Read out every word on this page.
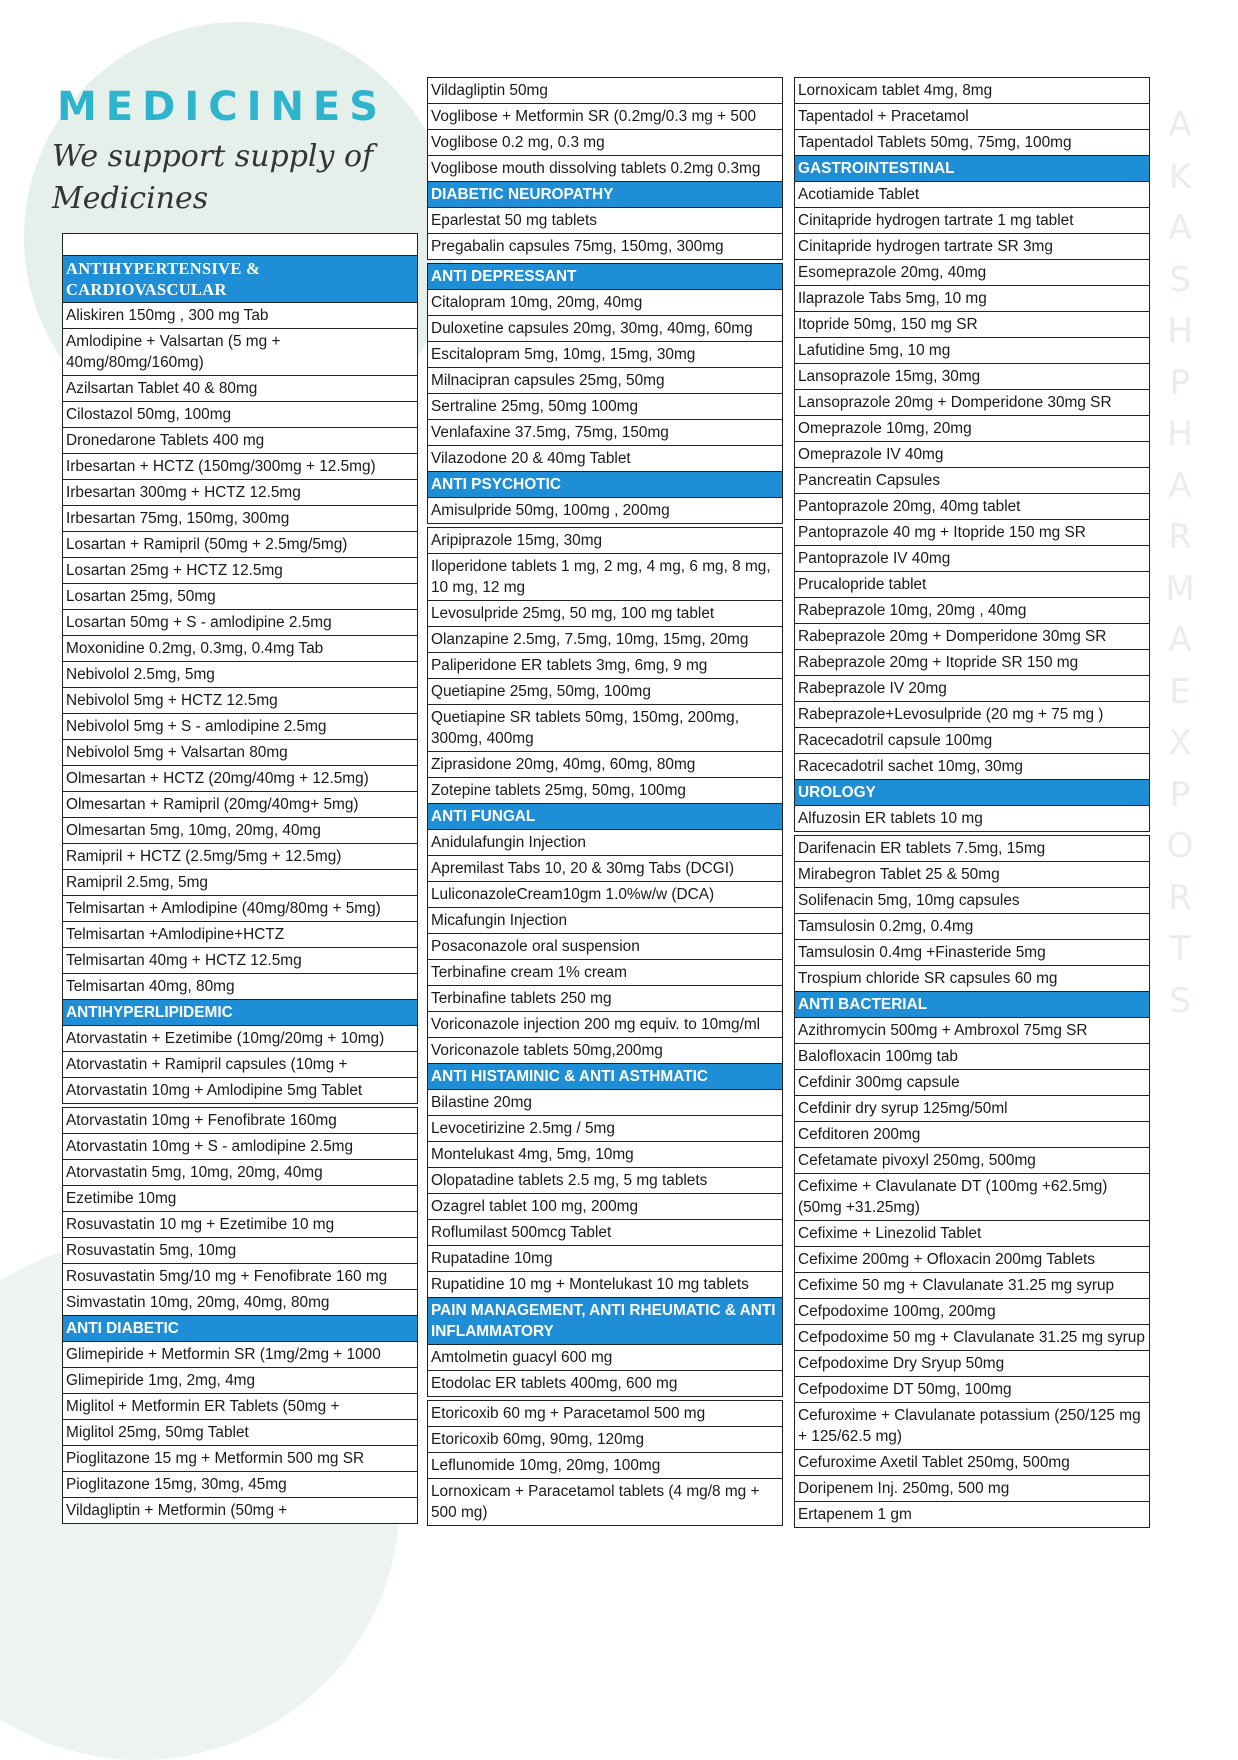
MEDICINES
We support supply of Medicines
A
K
A
S
H
P
H
A
R
M
A
E
X
P
O
R
T
S
ANTIHYPERTENSIVE & CARDIOVASCULAR
Aliskiren 150mg , 300 mg Tab
Amlodipine + Valsartan (5 mg + 40mg/80mg/160mg)
Azilsartan Tablet 40 & 80mg
Cilostazol 50mg, 100mg
Dronedarone Tablets 400 mg
Irbesartan + HCTZ (150mg/300mg + 12.5mg)
Irbesartan 300mg + HCTZ 12.5mg
Irbesartan 75mg, 150mg, 300mg
Losartan + Ramipril (50mg + 2.5mg/5mg)
Losartan 25mg + HCTZ 12.5mg
Losartan 25mg, 50mg
Losartan 50mg + S - amlodipine 2.5mg
Moxonidine 0.2mg, 0.3mg, 0.4mg Tab
Nebivolol 2.5mg, 5mg
Nebivolol 5mg + HCTZ 12.5mg
Nebivolol 5mg + S - amlodipine 2.5mg
Nebivolol 5mg + Valsartan 80mg
Olmesartan + HCTZ (20mg/40mg + 12.5mg)
Olmesartan + Ramipril (20mg/40mg+ 5mg)
Olmesartan 5mg, 10mg, 20mg, 40mg
Ramipril + HCTZ (2.5mg/5mg + 12.5mg)
Ramipril 2.5mg, 5mg
Telmisartan + Amlodipine (40mg/80mg + 5mg)
Telmisartan +Amlodipine+HCTZ
Telmisartan 40mg + HCTZ 12.5mg
Telmisartan 40mg, 80mg
ANTIHYPERLIPIDEMIC
Atorvastatin + Ezetimibe (10mg/20mg + 10mg)
Atorvastatin + Ramipril capsules (10mg +
Atorvastatin 10mg + Amlodipine 5mg Tablet
Atorvastatin 10mg + Fenofibrate 160mg
Atorvastatin 10mg + S - amlodipine 2.5mg
Atorvastatin 5mg, 10mg, 20mg, 40mg
Ezetimibe 10mg
Rosuvastatin 10 mg + Ezetimibe 10 mg
Rosuvastatin 5mg, 10mg
Rosuvastatin 5mg/10 mg + Fenofibrate 160 mg
Simvastatin 10mg, 20mg, 40mg, 80mg
ANTI DIABETIC
Glimepiride + Metformin SR (1mg/2mg + 1000
Glimepiride 1mg, 2mg, 4mg
Miglitol + Metformin ER Tablets (50mg +
Miglitol 25mg, 50mg Tablet
Pioglitazone 15 mg + Metformin 500 mg SR
Pioglitazone 15mg, 30mg, 45mg
Vildagliptin + Metformin (50mg +
Vildagliptin 50mg
Voglibose + Metformin SR (0.2mg/0.3 mg + 500
Voglibose 0.2 mg, 0.3 mg
Voglibose mouth dissolving tablets 0.2mg 0.3mg
DIABETIC NEUROPATHY
Eparlestat 50 mg tablets
Pregabalin capsules 75mg, 150mg, 300mg
ANTI DEPRESSANT
Citalopram 10mg, 20mg, 40mg
Duloxetine capsules 20mg, 30mg, 40mg, 60mg
Escitalopram 5mg, 10mg, 15mg, 30mg
Milnacipran capsules 25mg, 50mg
Sertraline 25mg, 50mg 100mg
Venlafaxine 37.5mg, 75mg, 150mg
Vilazodone 20 & 40mg Tablet
ANTI PSYCHOTIC
Amisulpride 50mg, 100mg , 200mg
Aripiprazole 15mg, 30mg
Iloperidone tablets 1 mg, 2 mg, 4 mg, 6 mg, 8 mg, 10 mg, 12 mg
Levosulpride 25mg, 50 mg, 100 mg tablet
Olanzapine 2.5mg, 7.5mg, 10mg, 15mg, 20mg
Paliperidone ER tablets 3mg, 6mg, 9 mg
Quetiapine 25mg, 50mg, 100mg
Quetiapine SR tablets 50mg, 150mg, 200mg, 300mg, 400mg
Ziprasidone 20mg, 40mg, 60mg, 80mg
Zotepine tablets 25mg, 50mg, 100mg
ANTI FUNGAL
Anidulafungin Injection
Apremilast Tabs 10, 20 & 30mg Tabs (DCGI)
LuliconazoleCream10gm 1.0%w/w (DCA)
Micafungin Injection
Posaconazole oral suspension
Terbinafine cream 1% cream
Terbinafine tablets 250 mg
Voriconazole injection 200 mg equiv. to 10mg/ml
Voriconazole tablets 50mg,200mg
ANTI HISTAMINIC & ANTI ASTHMATIC
Bilastine 20mg
Levocetirizine 2.5mg / 5mg
Montelukast 4mg, 5mg, 10mg
Olopatadine tablets 2.5 mg, 5 mg tablets
Ozagrel tablet 100 mg, 200mg
Roflumilast 500mcg Tablet
Rupatadine 10mg
Rupatidine 10 mg + Montelukast 10 mg tablets
PAIN MANAGEMENT, ANTI RHEUMATIC & ANTI INFLAMMATORY
Amtolmetin guacyl 600 mg
Etodolac ER tablets 400mg, 600 mg
Etoricoxib 60 mg + Paracetamol 500 mg
Etoricoxib 60mg, 90mg, 120mg
Leflunomide 10mg, 20mg, 100mg
Lornoxicam + Paracetamol tablets (4 mg/8 mg + 500 mg)
Lornoxicam tablet 4mg, 8mg
Tapentadol + Pracetamol
Tapentadol Tablets 50mg, 75mg, 100mg
GASTROINTESTINAL
Acotiamide Tablet
Cinitapride hydrogen tartrate 1 mg tablet
Cinitapride hydrogen tartrate SR 3mg
Esomeprazole 20mg, 40mg
Ilaprazole Tabs 5mg, 10 mg
Itopride 50mg, 150 mg SR
Lafutidine 5mg, 10 mg
Lansoprazole 15mg, 30mg
Lansoprazole 20mg + Domperidone 30mg SR
Omeprazole 10mg, 20mg
Omeprazole IV 40mg
Pancreatin Capsules
Pantoprazole 20mg, 40mg tablet
Pantoprazole 40 mg + Itopride 150 mg SR
Pantoprazole IV 40mg
Prucalopride tablet
Rabeprazole 10mg, 20mg , 40mg
Rabeprazole 20mg + Domperidone 30mg SR
Rabeprazole 20mg + Itopride SR 150 mg
Rabeprazole IV 20mg
Rabeprazole+Levosulpride (20 mg + 75 mg )
Racecadotril capsule 100mg
Racecadotril sachet 10mg, 30mg
UROLOGY
Alfuzosin ER tablets 10 mg
Darifenacin ER tablets 7.5mg, 15mg
Mirabegron Tablet 25 & 50mg
Solifenacin 5mg, 10mg capsules
Tamsulosin 0.2mg, 0.4mg
Tamsulosin 0.4mg +Finasteride 5mg
Trospium chloride SR capsules 60 mg
ANTI BACTERIAL
Azithromycin 500mg + Ambroxol 75mg SR
Balofloxacin 100mg tab
Cefdinir 300mg capsule
Cefdinir dry syrup 125mg/50ml
Cefditoren 200mg
Cefetamate pivoxyl 250mg, 500mg
Cefixime + Clavulanate DT (100mg +62.5mg) (50mg +31.25mg)
Cefixime + Linezolid Tablet
Cefixime 200mg + Ofloxacin 200mg Tablets
Cefixime 50 mg + Clavulanate 31.25 mg syrup
Cefpodoxime 100mg, 200mg
Cefpodoxime 50 mg + Clavulanate 31.25 mg syrup
Cefpodoxime Dry Sryup 50mg
Cefpodoxime DT 50mg, 100mg
Cefuroxime + Clavulanate potassium (250/125 mg + 125/62.5 mg)
Cefuroxime Axetil Tablet 250mg, 500mg
Doripenem Inj. 250mg, 500 mg
Ertapenem 1 gm
